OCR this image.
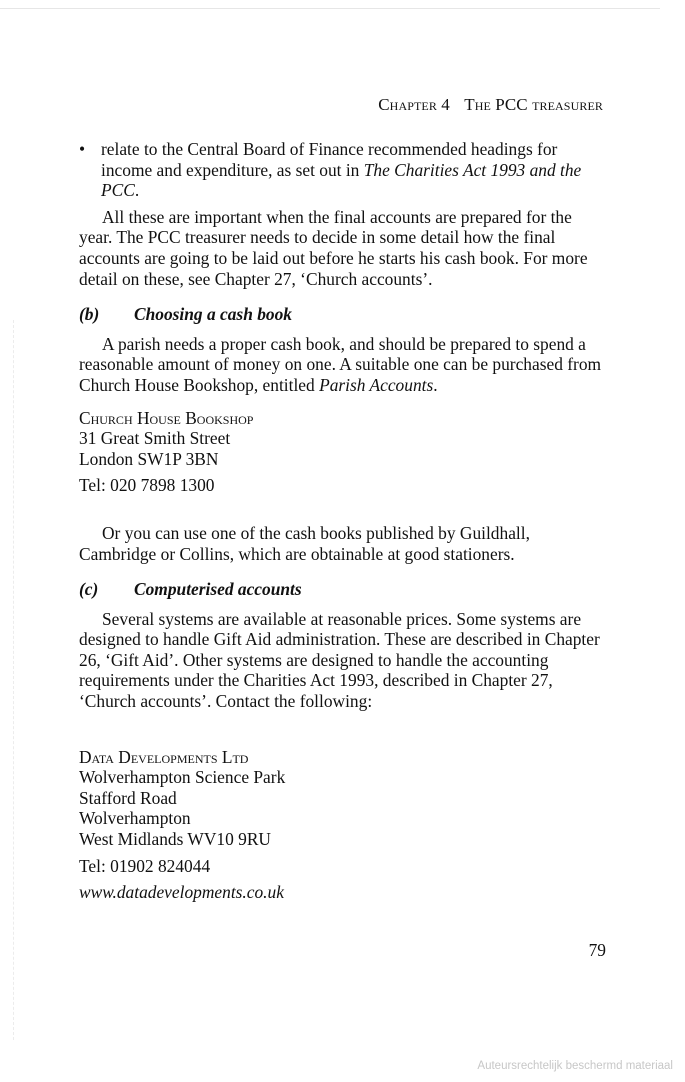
Chapter 4 The PCC treasurer
• relate to the Central Board of Finance recommended headings for income and expenditure, as set out in The Charities Act 1993 and the PCC.

All these are important when the final accounts are prepared for the year. The PCC treasurer needs to decide in some detail how the final accounts are going to be laid out before he starts his cash book. For more detail on these, see Chapter 27, ‘Church accounts’.

(b)	Choosing a cash book

A parish needs a proper cash book, and should be prepared to spend a reasonable amount of money on one. A suitable one can be purchased from Church House Bookshop, entitled Parish Accounts.

Church House Bookshop
31 Great Smith Street
London SW1P 3BN
Tel: 020 7898 1300

Or you can use one of the cash books published by Guildhall, Cambridge or Collins, which are obtainable at good stationers.

(c)	Computerised accounts

Several systems are available at reasonable prices. Some systems are designed to handle Gift Aid administration. These are described in Chapter 26, ‘Gift Aid’. Other systems are designed to handle the accounting requirements under the Charities Act 1993, described in Chapter 27, ‘Church accounts’. Contact the following:

Data Developments Ltd
Wolverhampton Science Park
Stafford Road
Wolverhampton
West Midlands WV10 9RU
Tel: 01902 824044
www.datadevelopments.co.uk
79
Auteursrechtelijk beschermd materiaal
